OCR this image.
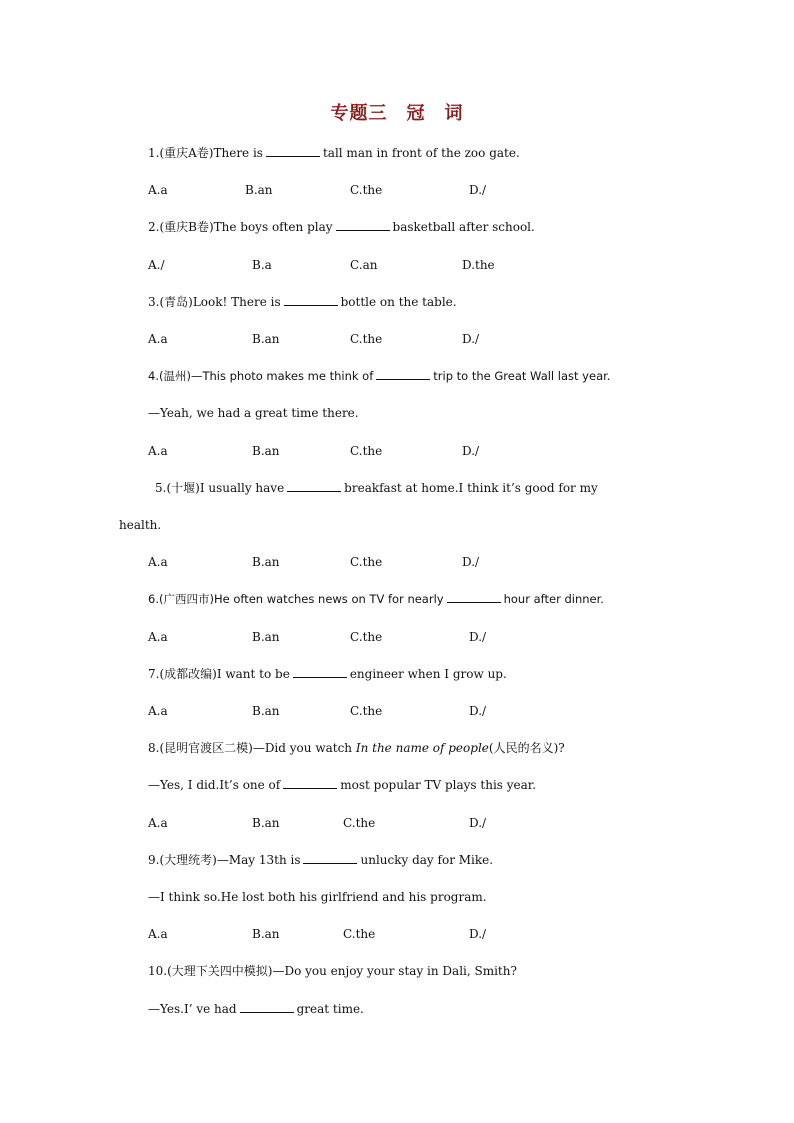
专题三　冠　词
1.(重庆A卷)There is	tall man in front of the zoo gate.
A.a	B.an	C.the	D./
2.(重庆B卷)The boys often play	basketball after school.
A./	B.a	C.an	D.the
3.(青岛)Look! There is	bottle on the table.
A.a	B.an	C.the	D./
4.(温州)—This photo makes me think of	trip to the Great Wall last year.
—Yeah, we had a great time there.
A.a	B.an	C.the	D./
5.(十堰)I usually have	breakfast at home.I think it’s good for my
health.
A.a	B.an	C.the	D./
6.(广西四市)He often watches news on TV for nearly	hour after dinner.
A.a	B.an	C.the	D./
7.(成都改编)I want to be	engineer when I grow up.
A.a	B.an	C.the	D./
8.(昆明官渡区二模)—Did you watch In the name of people(人民的名义)?
—Yes, I did.It’s one of	most popular TV plays this year.
A.a	B.an	C.the	D./
9.(大理统考)—May 13th is	unlucky day for Mike.
—I think so.He lost both his girlfriend and his program.
A.a	B.an	C.the	D./
10.(大理下关四中模拟)—Do you enjoy your stay in Dali, Smith?
—Yes.I’ ve had	great time.
